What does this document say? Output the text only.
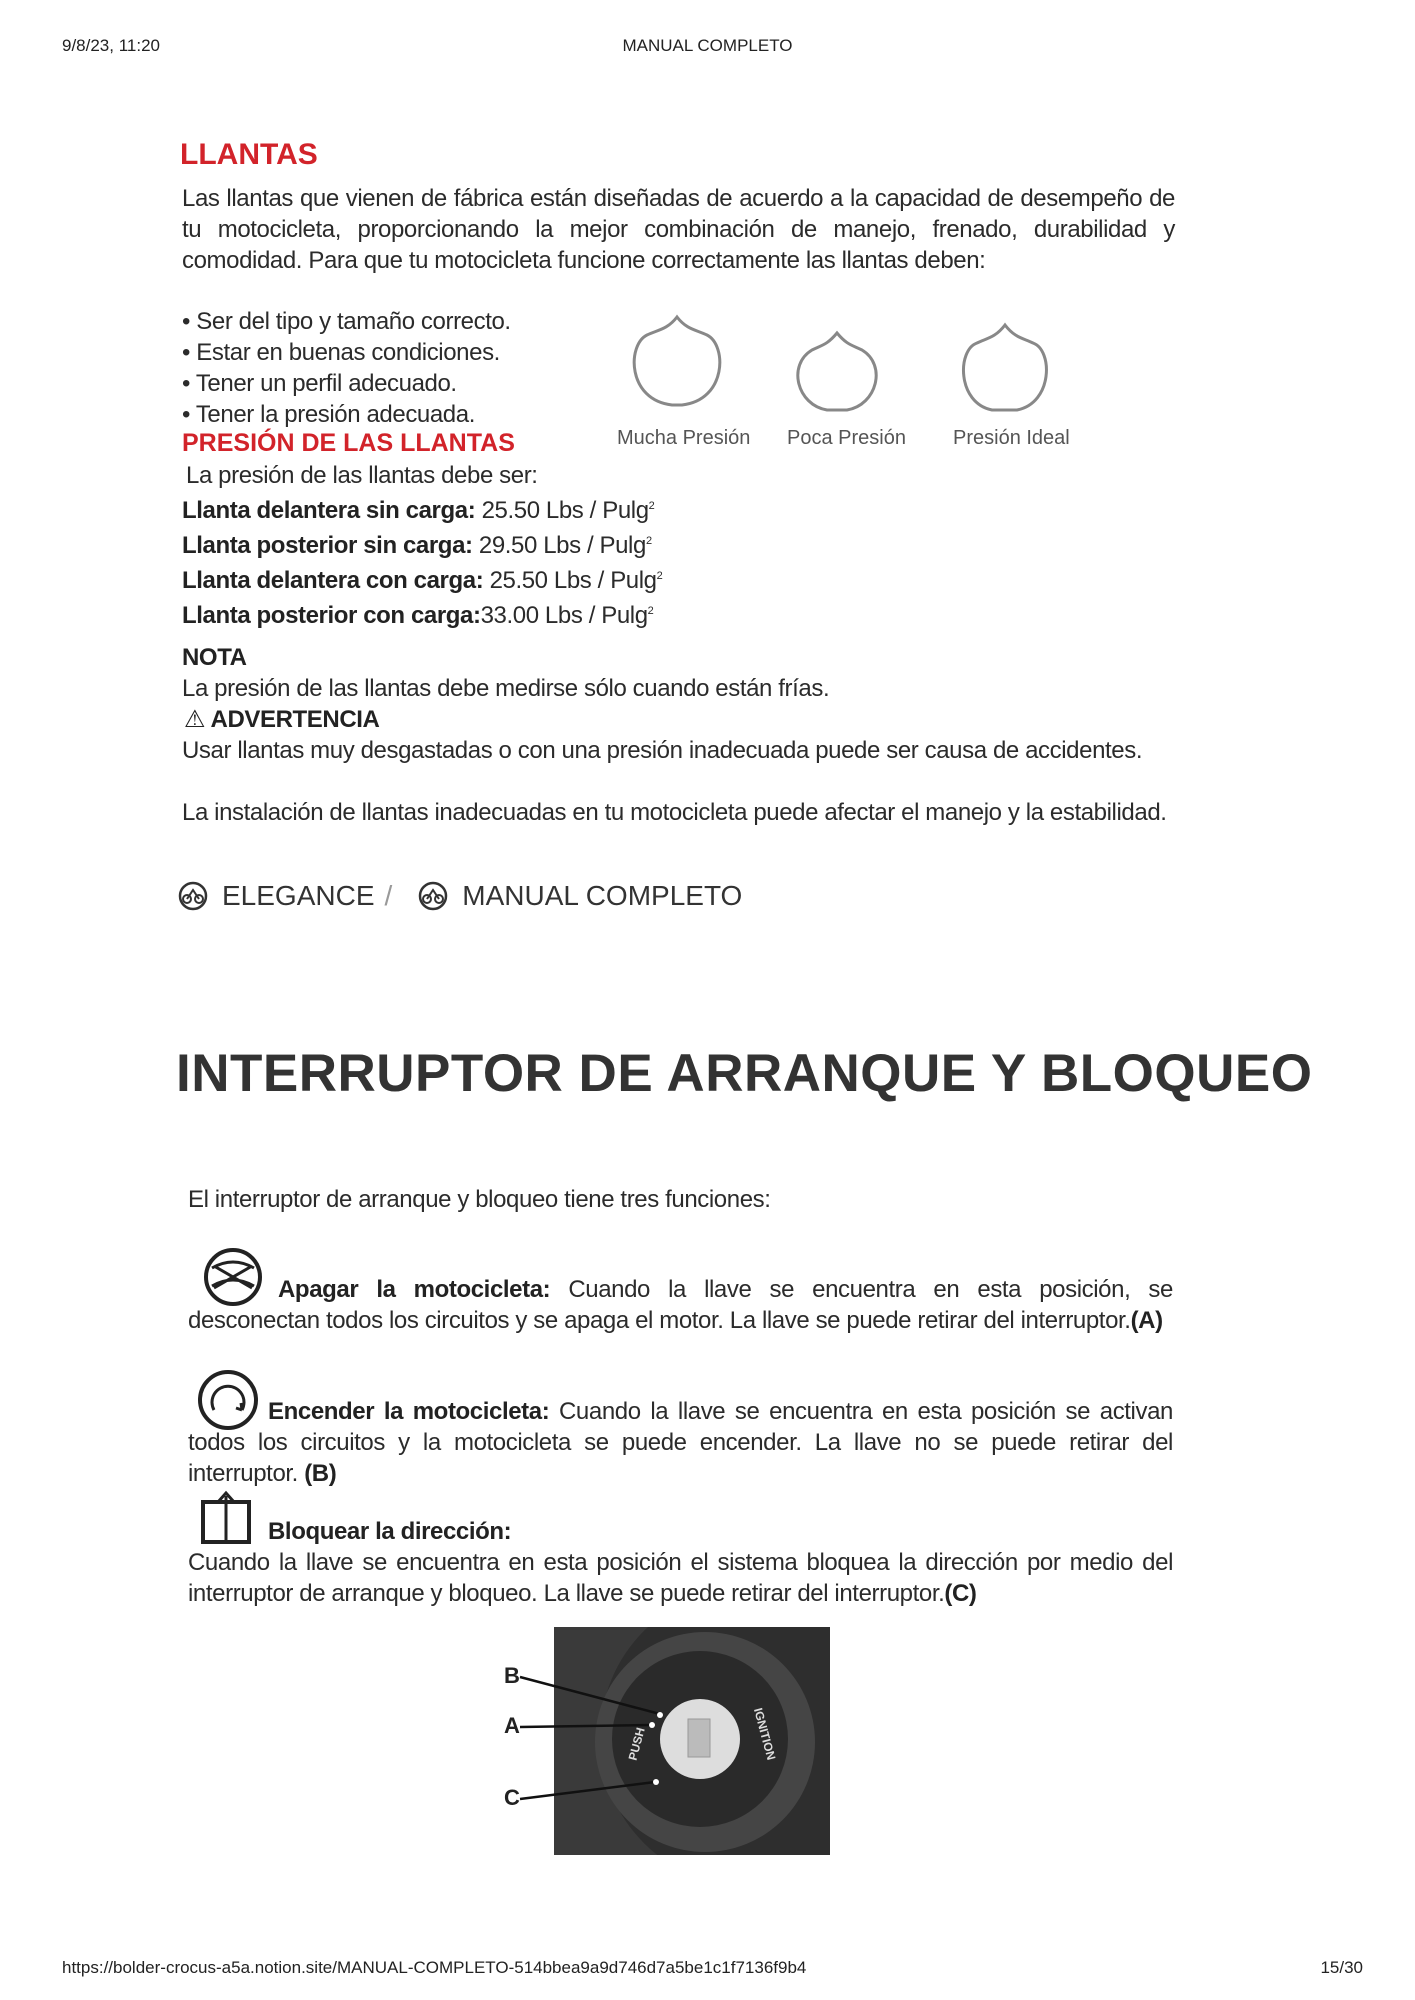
9/8/23, 11:20	MANUAL COMPLETO
LLANTAS
Las llantas que vienen de fábrica están diseñadas de acuerdo a la capacidad de desempeño de tu motocicleta, proporcionando la mejor combinación de manejo, frenado, durabilidad y comodidad. Para que tu motocicleta funcione correctamente las llantas deben:
• Ser del tipo y tamaño correcto.
• Estar en buenas condiciones.
• Tener un perfil adecuado.
• Tener la presión adecuada.
Mucha Presión Poca Presión Presión Ideal
PRESIÓN DE LAS LLANTAS
La presión de las llantas debe ser:
Llanta delantera sin carga: 25.50 Lbs / Pulg$^2$
Llanta posterior sin carga: 29.50 Lbs / Pulg$^2$
Llanta delantera con carga: 25.50 Lbs / Pulg$^2$
Llanta posterior con carga:33.00 Lbs / Pulg$^2$
NOTA
La presión de las llantas debe medirse sólo cuando están frías.
⚠ ADVERTENCIA
Usar llantas muy desgastadas o con una presión inadecuada puede ser causa de accidentes.
La instalación de llantas inadecuadas en tu motocicleta puede afectar el manejo y la estabilidad.
ELEGANCE /	MANUAL COMPLETO
INTERRUPTOR DE ARRANQUE Y BLOQUEO
El interruptor de arranque y bloqueo tiene tres funciones:
Apagar la motocicleta: Cuando la llave se encuentra en esta posición, se desconectan todos los circuitos y se apaga el motor. La llave se puede retirar del interruptor.(A)
Encender la motocicleta: Cuando la llave se encuentra en esta posición se activan todos los circuitos y la motocicleta se puede encender. La llave no se puede retirar del interruptor. (B)
Bloquear la dirección:
Cuando la llave se encuentra en esta posición el sistema bloquea la dirección por medio del interruptor de arranque y bloqueo. La llave se puede retirar del interruptor.(C)
B
A
C
IGNITION
PUSH
https://bolder-crocus-a5a.notion.site/MANUAL-COMPLETO-514bbea9a9d746d7a5be1c1f7136f9b4	15/30
